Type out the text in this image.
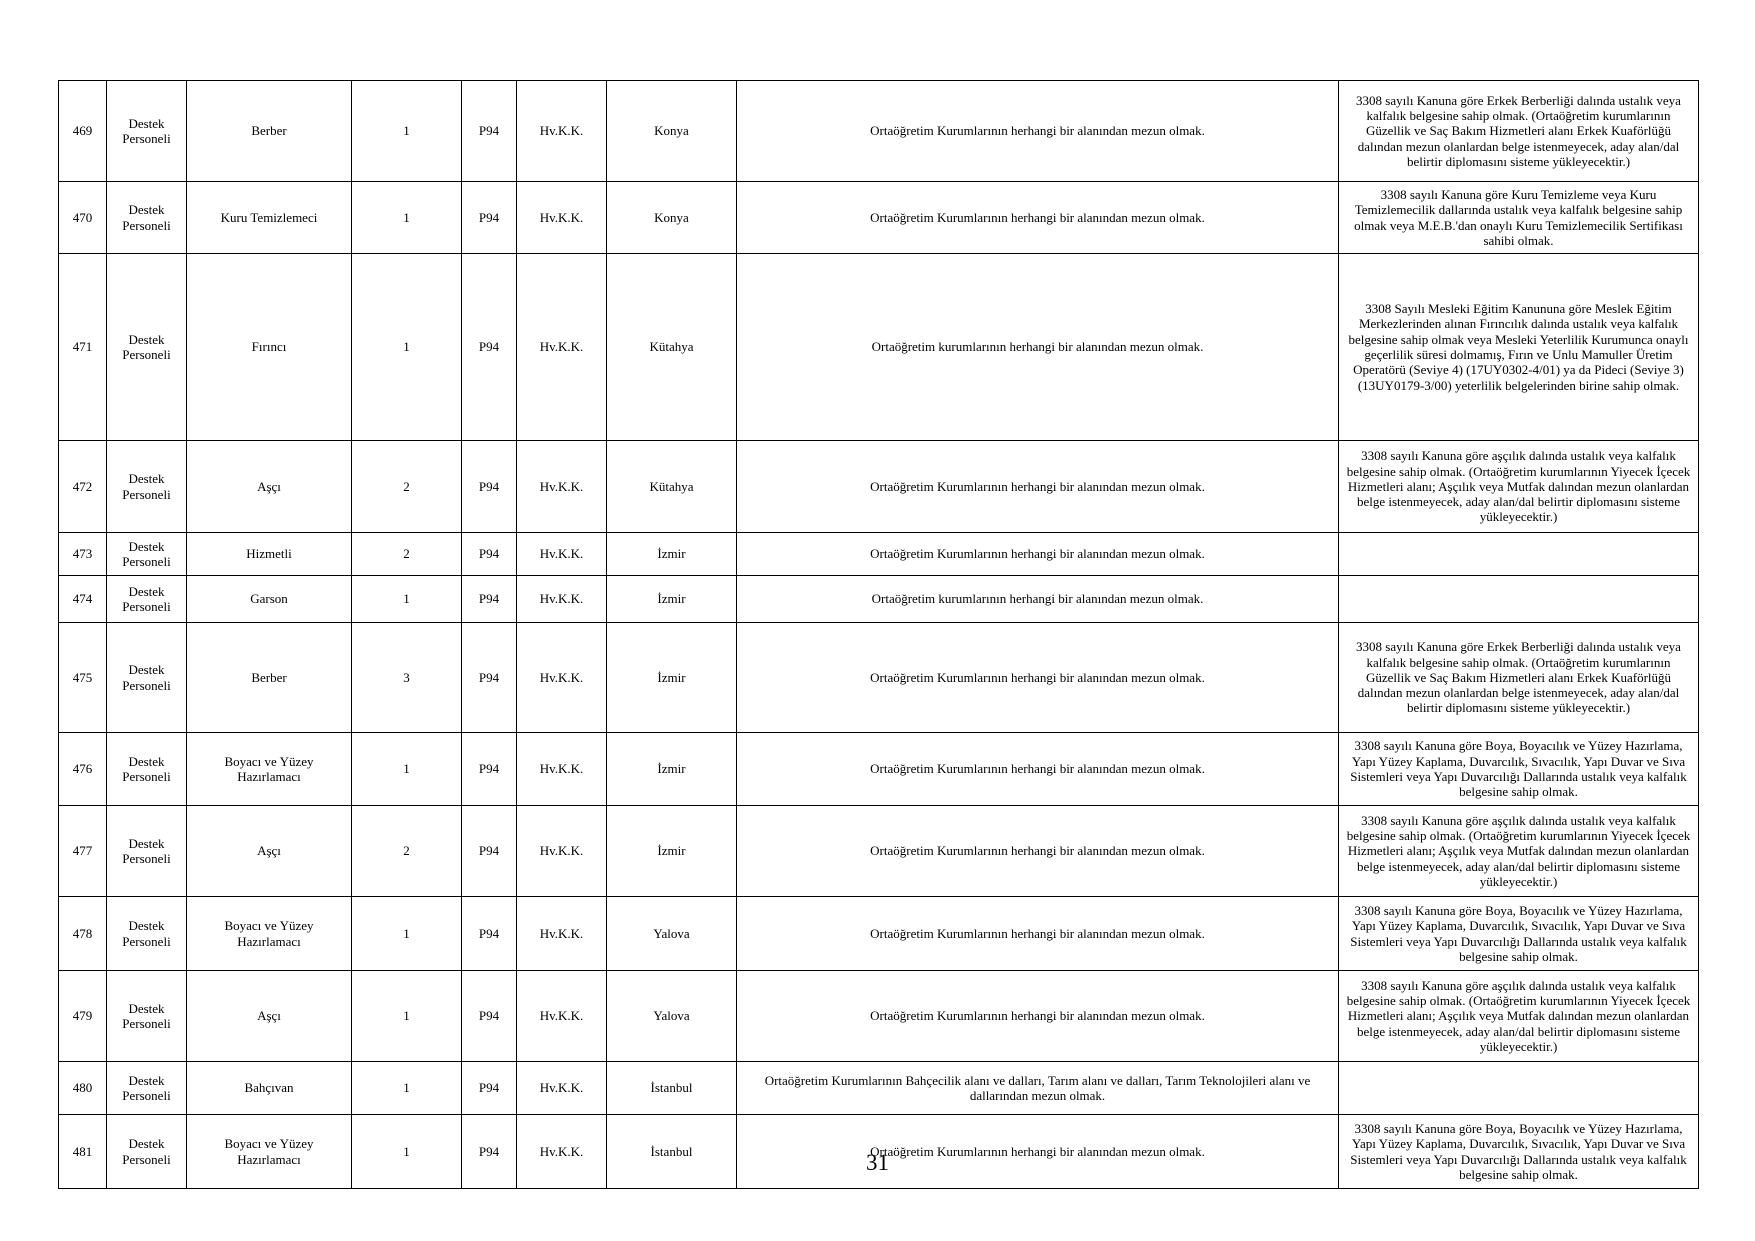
469	Destek Personeli	Berber	1	P94	Hv.K.K.	Konya	Ortaöğretim Kurumlarının herhangi bir alanından mezun olmak.	3308 sayılı Kanuna göre Erkek Berberliği dalında ustalık veya kalfalık belgesine sahip olmak. (Ortaöğretim kurumlarının Güzellik ve Saç Bakım Hizmetleri alanı Erkek Kuaförlüğü dalından mezun olanlardan belge istenmeyecek, aday alan/dal belirtir diplomasını sisteme yükleyecektir.)
470	Destek Personeli	Kuru Temizlemeci	1	P94	Hv.K.K.	Konya	Ortaöğretim Kurumlarının herhangi bir alanından mezun olmak.	3308 sayılı Kanuna göre Kuru Temizleme veya Kuru Temizlemecilik dallarında ustalık veya kalfalık belgesine sahip olmak veya M.E.B.'dan onaylı Kuru Temizlemecilik Sertifikası sahibi olmak.
471	Destek Personeli	Fırıncı	1	P94	Hv.K.K.	Kütahya	Ortaöğretim kurumlarının herhangi bir alanından mezun olmak.	3308 Sayılı Mesleki Eğitim Kanununa göre Meslek Eğitim Merkezlerinden alınan Fırıncılık dalında ustalık veya kalfalık belgesine sahip olmak veya Mesleki Yeterlilik Kurumunca onaylı geçerlilik süresi dolmamış, Fırın ve Unlu Mamuller Üretim Operatörü (Seviye 4) (17UY0302-4/01) ya da Pideci (Seviye 3) (13UY0179-3/00) yeterlilik belgelerinden birine sahip olmak.
472	Destek Personeli	Aşçı	2	P94	Hv.K.K.	Kütahya	Ortaöğretim Kurumlarının herhangi bir alanından mezun olmak.	3308 sayılı Kanuna göre aşçılık dalında ustalık veya kalfalık belgesine sahip olmak. (Ortaöğretim kurumlarının Yiyecek İçecek Hizmetleri alanı; Aşçılık veya Mutfak dalından mezun olanlardan belge istenmeyecek, aday alan/dal belirtir diplomasını sisteme yükleyecektir.)
473	Destek Personeli	Hizmetli	2	P94	Hv.K.K.	İzmir	Ortaöğretim Kurumlarının herhangi bir alanından mezun olmak.	
474	Destek Personeli	Garson	1	P94	Hv.K.K.	İzmir	Ortaöğretim kurumlarının herhangi bir alanından mezun olmak.	
475	Destek Personeli	Berber	3	P94	Hv.K.K.	İzmir	Ortaöğretim Kurumlarının herhangi bir alanından mezun olmak.	3308 sayılı Kanuna göre Erkek Berberliği dalında ustalık veya kalfalık belgesine sahip olmak. (Ortaöğretim kurumlarının Güzellik ve Saç Bakım Hizmetleri alanı Erkek Kuaförlüğü dalından mezun olanlardan belge istenmeyecek, aday alan/dal belirtir diplomasını sisteme yükleyecektir.)
476	Destek Personeli	Boyacı ve Yüzey Hazırlamacı	1	P94	Hv.K.K.	İzmir	Ortaöğretim Kurumlarının herhangi bir alanından mezun olmak.	3308 sayılı Kanuna göre Boya, Boyacılık ve Yüzey Hazırlama, Yapı Yüzey Kaplama, Duvarcılık, Sıvacılık, Yapı Duvar ve Sıva Sistemleri veya Yapı Duvarcılığı Dallarında ustalık veya kalfalık belgesine sahip olmak.
477	Destek Personeli	Aşçı	2	P94	Hv.K.K.	İzmir	Ortaöğretim Kurumlarının herhangi bir alanından mezun olmak.	3308 sayılı Kanuna göre aşçılık dalında ustalık veya kalfalık belgesine sahip olmak. (Ortaöğretim kurumlarının Yiyecek İçecek Hizmetleri alanı; Aşçılık veya Mutfak dalından mezun olanlardan belge istenmeyecek, aday alan/dal belirtir diplomasını sisteme yükleyecektir.)
478	Destek Personeli	Boyacı ve Yüzey Hazırlamacı	1	P94	Hv.K.K.	Yalova	Ortaöğretim Kurumlarının herhangi bir alanından mezun olmak.	3308 sayılı Kanuna göre Boya, Boyacılık ve Yüzey Hazırlama, Yapı Yüzey Kaplama, Duvarcılık, Sıvacılık, Yapı Duvar ve Sıva Sistemleri veya Yapı Duvarcılığı Dallarında ustalık veya kalfalık belgesine sahip olmak.
479	Destek Personeli	Aşçı	1	P94	Hv.K.K.	Yalova	Ortaöğretim Kurumlarının herhangi bir alanından mezun olmak.	3308 sayılı Kanuna göre aşçılık dalında ustalık veya kalfalık belgesine sahip olmak. (Ortaöğretim kurumlarının Yiyecek İçecek Hizmetleri alanı; Aşçılık veya Mutfak dalından mezun olanlardan belge istenmeyecek, aday alan/dal belirtir diplomasını sisteme yükleyecektir.)
480	Destek Personeli	Bahçıvan	1	P94	Hv.K.K.	İstanbul	Ortaöğretim Kurumlarının Bahçecilik alanı ve dalları, Tarım alanı ve dalları, Tarım Teknolojileri alanı ve dallarından mezun olmak.	
481	Destek Personeli	Boyacı ve Yüzey Hazırlamacı	1	P94	Hv.K.K.	İstanbul	Ortaöğretim Kurumlarının herhangi bir alanından mezun olmak.	3308 sayılı Kanuna göre Boya, Boyacılık ve Yüzey Hazırlama, Yapı Yüzey Kaplama, Duvarcılık, Sıvacılık, Yapı Duvar ve Sıva Sistemleri veya Yapı Duvarcılığı Dallarında ustalık veya kalfalık belgesine sahip olmak.
31
